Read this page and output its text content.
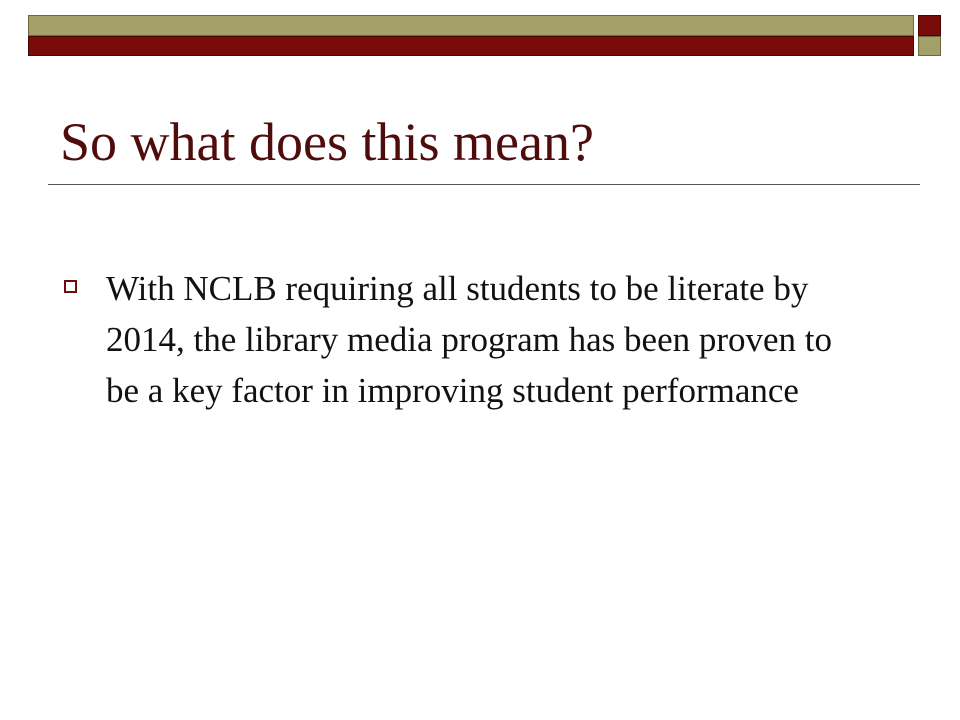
So what does this mean?
With NCLB requiring all students to be literate by 2014, the library media program has been proven to be a key factor in improving student performance
